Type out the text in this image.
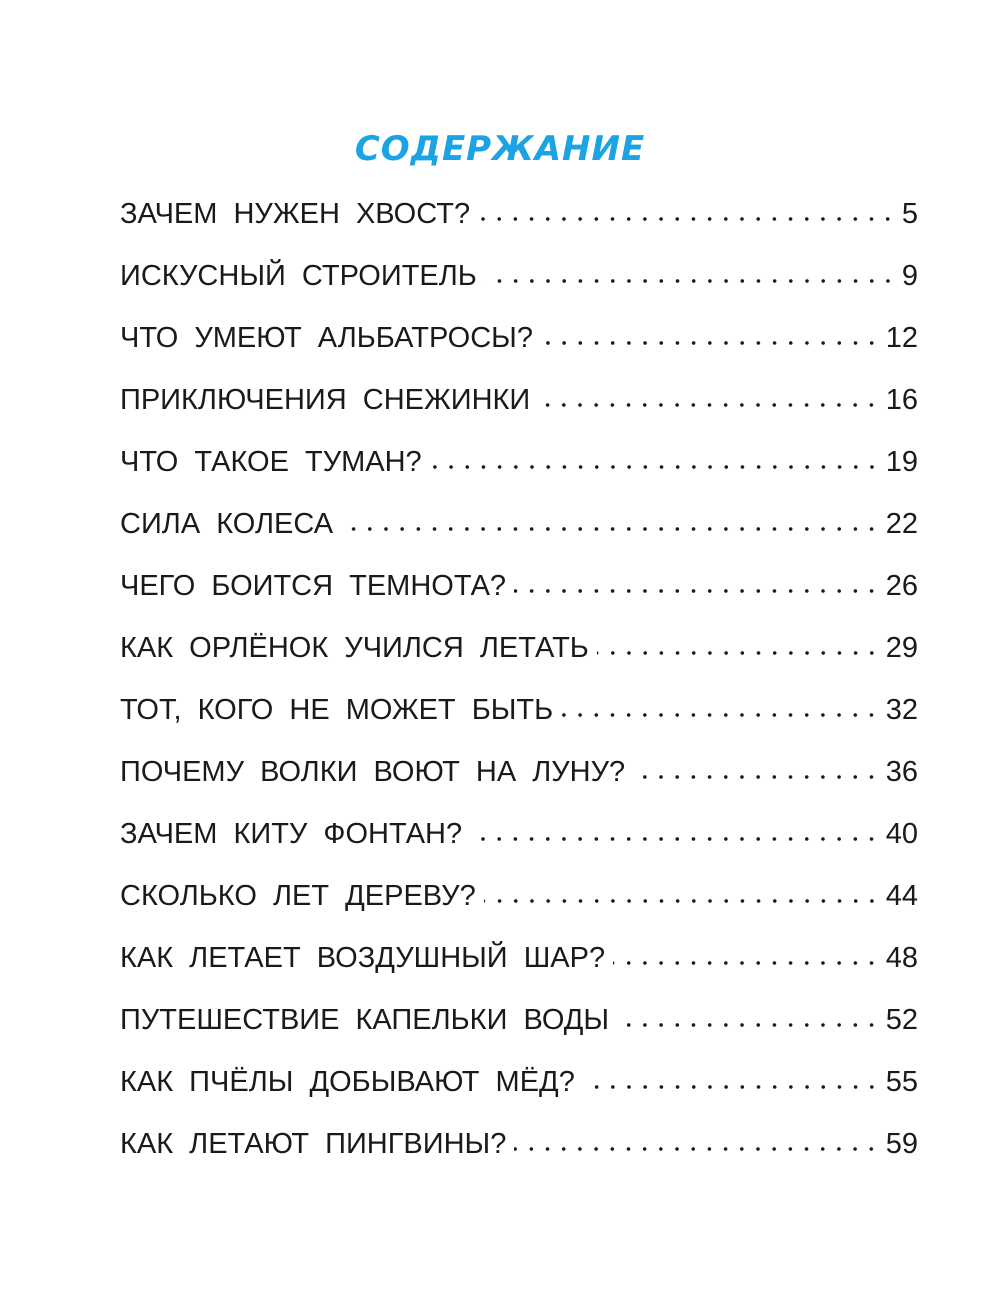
СОДЕРЖАНИЕ
ЗАЧЕМ НУЖЕН ХВОСТ?	5
ИСКУСНЫЙ СТРОИТЕЛЬ	9
ЧТО УМЕЮТ АЛЬБАТРОСЫ?	12
ПРИКЛЮЧЕНИЯ СНЕЖИНКИ	16
ЧТО ТАКОЕ ТУМАН?	19
СИЛА КОЛЕСА	22
ЧЕГО БОИТСЯ ТЕМНОТА?	26
КАК ОРЛЁНОК УЧИЛСЯ ЛЕТАТЬ	29
ТОТ, КОГО НЕ МОЖЕТ БЫТЬ	32
ПОЧЕМУ ВОЛКИ ВОЮТ НА ЛУНУ?	36
ЗАЧЕМ КИТУ ФОНТАН?	40
СКОЛЬКО ЛЕТ ДЕРЕВУ?	44
КАК ЛЕТАЕТ ВОЗДУШНЫЙ ШАР?	48
ПУТЕШЕСТВИЕ КАПЕЛЬКИ ВОДЫ	52
КАК ПЧЁЛЫ ДОБЫВАЮТ МЁД?	55
КАК ЛЕТАЮТ ПИНГВИНЫ?	59
